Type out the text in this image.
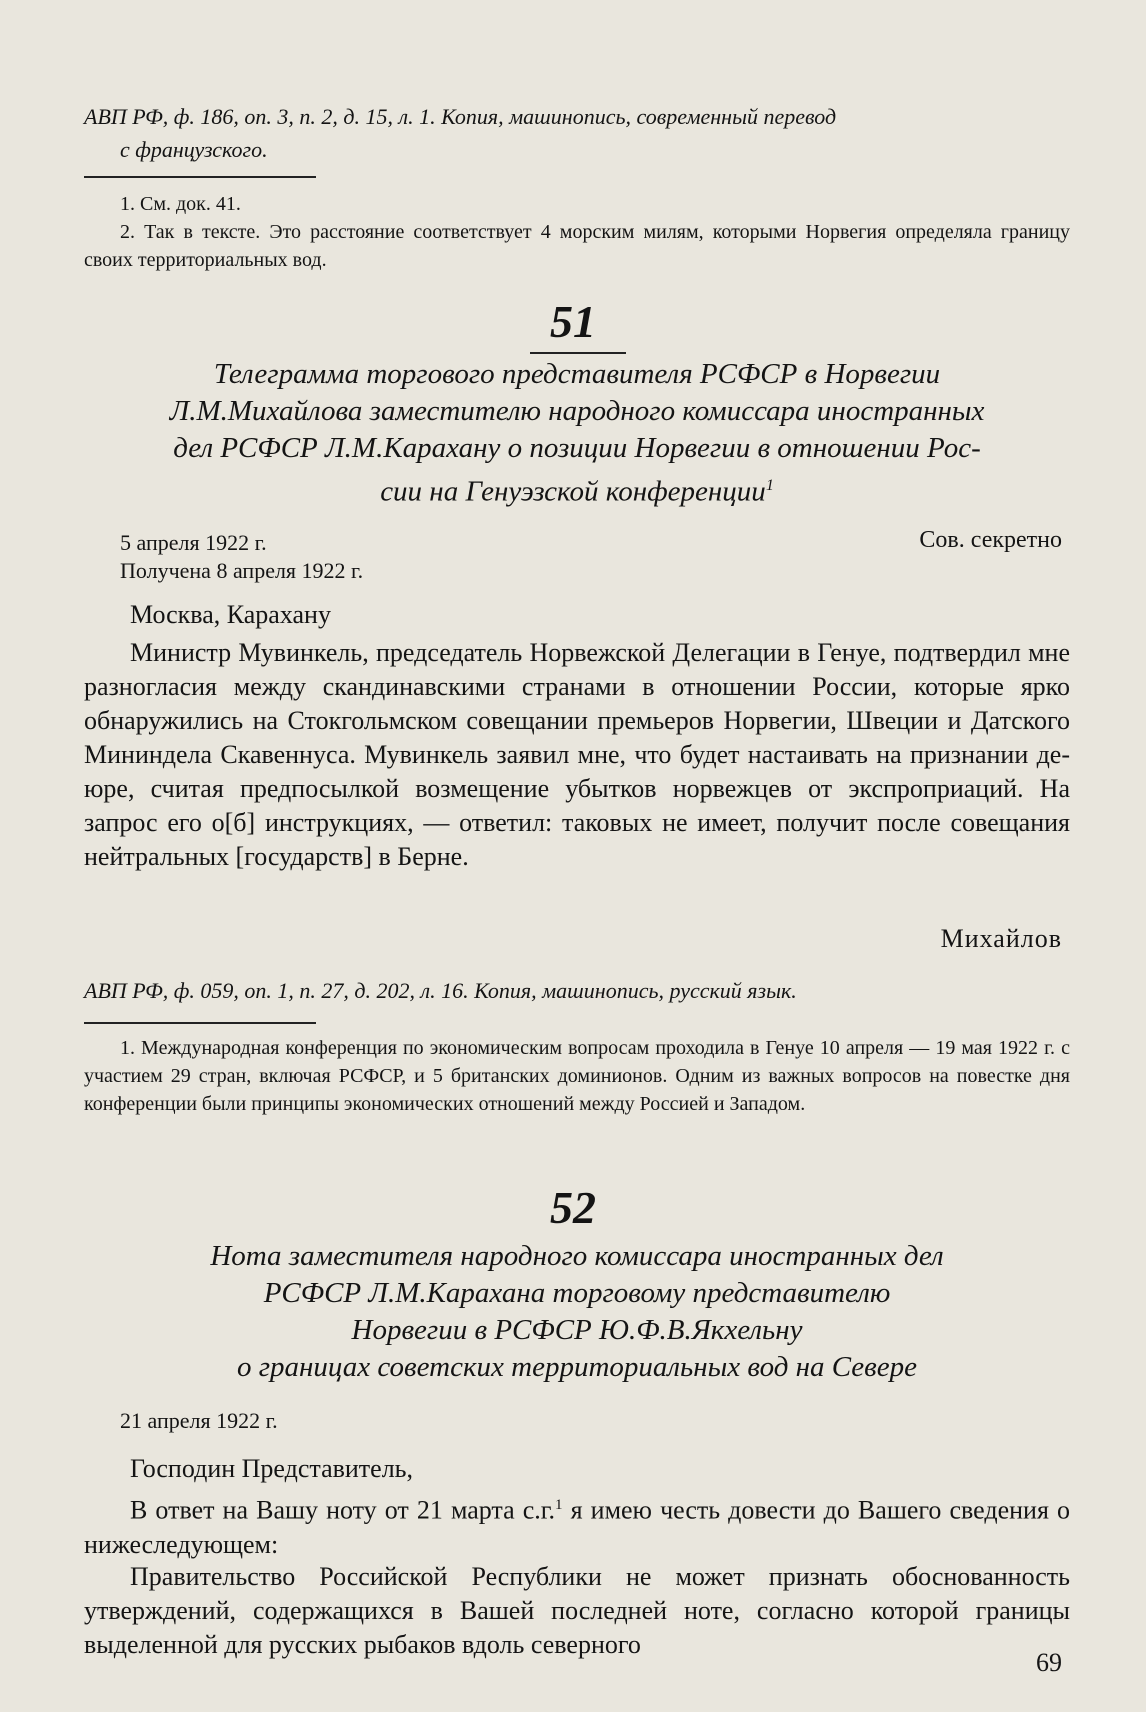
АВП РФ, ф. 186, оп. 3, п. 2, д. 15, л. 1. Копия, машинопись, современный перевод
с французского.

1. См. док. 41.

2. Так в тексте. Это расстояние соответствует 4 морским милям, которыми Норвегия определяла границу своих территориальных вод.

51
Телеграмма торгового представителя РСФСР в Норвегии
Л.М.Михайлова заместителю народного комиссара иностранных
дел РСФСР Л.М.Карахану о позиции Норвегии в отношении Рос-
сии на Генуэзской конференции$^1$
5 апреля 1922 г.	Сов. секретно
Получена 8 апреля 1922 г.

Москва, Карахану

Министр Мувинкель, председатель Норвежской Делегации в Генуе, подтвердил мне разногласия между скандинавскими странами в отношении России, которые ярко обнаружились на Стокгольмском совещании премьеров Норвегии, Швеции и Датского Мининдела Скавеннуса. Мувинкель заявил мне, что будет настаивать на признании де-юре, считая предпосылкой возмещение убытков норвежцев от экспроприаций. На запрос его о[б] инструкциях, — ответил: таковых не имеет, получит после совещания нейтральных [государств] в Берне.

Михайлов
АВП РФ, ф. 059, оп. 1, п. 27, д. 202, л. 16. Копия, машинопись, русский язык.

1. Международная конференция по экономическим вопросам проходила в Генуе 10 апреля — 19 мая 1922 г. с участием 29 стран, включая РСФСР, и 5 британских доминионов. Одним из важных вопросов на повестке дня конференции были принципы экономических отношений между Россией и Западом.

52
Нота заместителя народного комиссара иностранных дел
РСФСР Л.М.Карахана торговому представителю
Норвегии в РСФСР Ю.Ф.В.Якхельну
о границах советских территориальных вод на Севере
21 апреля 1922 г.

Господин Представитель,

В ответ на Вашу ноту от 21 марта с.г.$^1$ я имею честь довести до Вашего сведения о нижеследующем:

Правительство Российской Республики не может признать обоснованность утверждений, содержащихся в Вашей последней ноте, согласно которой границы выделенной для русских рыбаков вдоль северного

69
